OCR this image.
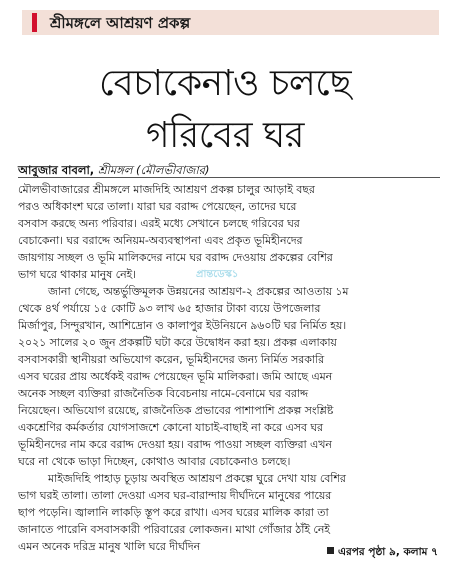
শ্রীমঙ্গলে আশ্রয়ণ প্রকল্প
বেচাকেনাও চলছে
গরিবের ঘর
আবুজার বাবলা, শ্রীমঙ্গল (মৌলভীবাজার)
মৌলভীবাজারের শ্রীমঙ্গলে মাজদিহি আশ্রয়ণ প্রকল্প চালুর আড়াই বছর
পরও অধিকাংশ ঘরে তালা। যারা ঘর বরাদ্দ পেয়েছেন, তাদের ঘরে
বসবাস করছে অন্য পরিবার। এরই মধ্যে সেখানে চলছে গরিবের ঘর
বেচাকেনা। ঘর বরাদ্দে অনিয়ম-অব্যবস্থাপনা এবং প্রকৃত ভূমিহীনদের
জায়গায় সচ্ছল ও ভূমি মালিকদের নামে ঘর বরাদ্দ দেওয়ায় প্রকল্পের বেশির
ভাগ ঘরে থাকার মানুষ নেই।
জানা গেছে, অন্তর্ভুক্তিমূলক উন্নয়নের আশ্রয়ণ-২ প্রকল্পের আওতায় ১ম
থেকে ৪র্থ পর্যায়ে ১৫ কোটি ৯৩ লাখ ৬৫ হাজার টাকা ব্যয়ে উপজেলার
মির্জাপুর, সিন্দুরখান, আশিদ্রোন ও কালাপুর ইউনিয়নে ৯৬০টি ঘর নির্মিত হয়।
২০২১ সালের ২০ জুন প্রকল্পটি ঘটা করে উদ্বোধন করা হয়। প্রকল্প এলাকায়
বসবাসকারী স্থানীয়রা অভিযোগ করেন, ভূমিহীনদের জন্য নির্মিত সরকারি
এসব ঘরের প্রায় অর্ধেকই বরাদ্দ পেয়েছেন ভূমি মালিকরা। জমি আছে এমন
অনেক সচ্ছল ব্যক্তিরা রাজনৈতিক বিবেচনায় নামে-বেনামে ঘর বরাদ্দ
নিয়েছেন। অভিযোগ রয়েছে, রাজনৈতিক প্রভাবের পাশাপাশি প্রকল্প সংশ্লিষ্ট
একশ্রেণির কর্মকর্তার যোগসাজশে কোনো যাচাই-বাছাই না করে এসব ঘর
ভূমিহীনদের নাম করে বরাদ্দ দেওয়া হয়। বরাদ্দ পাওয়া সচ্ছল ব্যক্তিরা এখন
ঘরে না থেকে ভাড়া দিচ্ছেন, কোথাও আবার বেচাকেনাও চলছে।
মাইজদিহি পাহাড় চূড়ায় অবস্থিত আশ্রয়ণ প্রকল্পে ঘুরে দেখা যায় বেশির
ভাগ ঘরই তালা। তালা দেওয়া এসব ঘর-বারান্দায় দীর্ঘদিনে মানুষের পায়ের
ছাপ পড়েনি। জ্বালানি লাকড়ি স্তূপ করে রাখা। এসব ঘরের মালিক কারা তা
জানাতে পারেনি বসবাসকারী পরিবারের লোকজন। মাথা গোঁজার ঠাঁই নেই
এমন অনেক দরিদ্র মানুষ খালি ঘরে দীর্ঘদিন
প্রান্তডেস্ক১
এরপর পৃষ্ঠা ৯, কলাম ৭
